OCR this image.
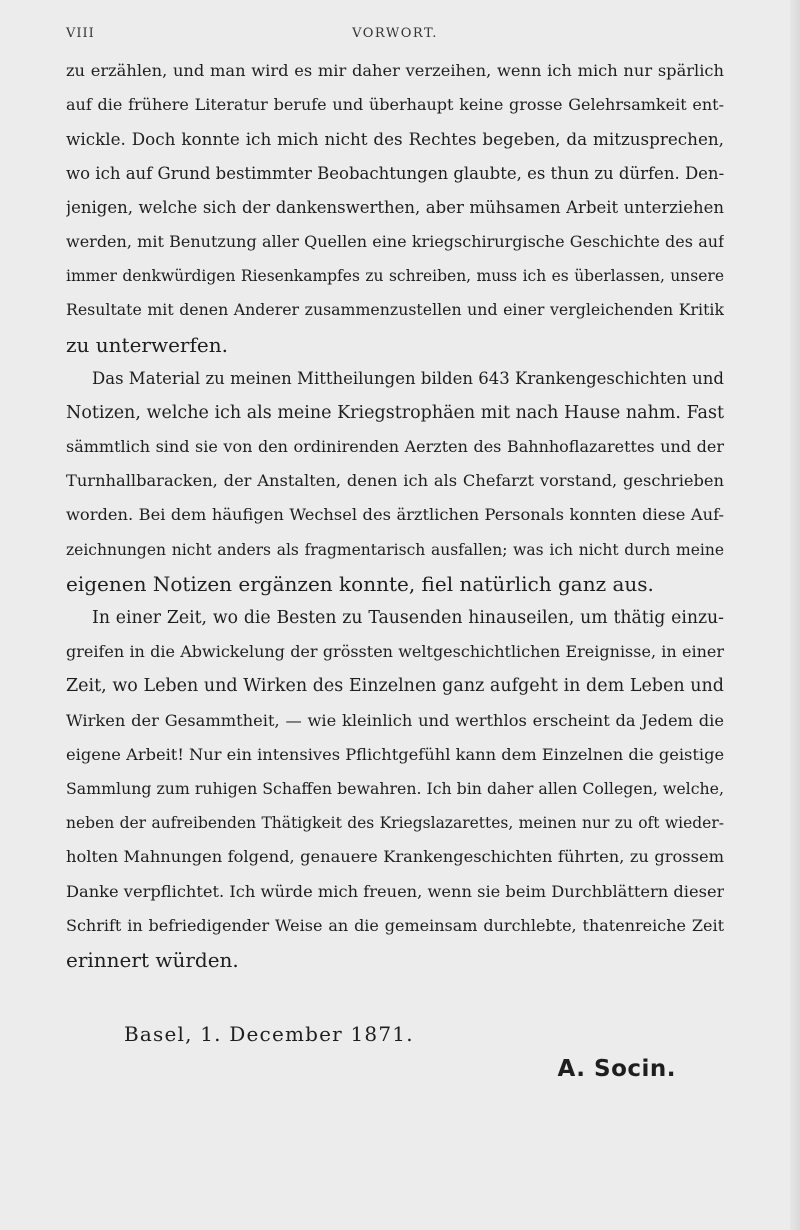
VIII	VORWORT.
zu erzählen, und man wird es mir daher verzeihen, wenn ich mich nur spärlich
auf die frühere Literatur berufe und überhaupt keine grosse Gelehrsamkeit ent-
wickle. Doch konnte ich mich nicht des Rechtes begeben, da mitzusprechen,
wo ich auf Grund bestimmter Beobachtungen glaubte, es thun zu dürfen. Den-
jenigen, welche sich der dankenswerthen, aber mühsamen Arbeit unterziehen
werden, mit Benutzung aller Quellen eine kriegschirurgische Geschichte des auf
immer denkwürdigen Riesenkampfes zu schreiben, muss ich es überlassen, unsere
Resultate mit denen Anderer zusammenzustellen und einer vergleichenden Kritik
zu unterwerfen.
Das Material zu meinen Mittheilungen bilden 643 Krankengeschichten und
Notizen, welche ich als meine Kriegstrophäen mit nach Hause nahm. Fast
sämmtlich sind sie von den ordinirenden Aerzten des Bahnhoflazarettes und der
Turnhallbaracken, der Anstalten, denen ich als Chefarzt vorstand, geschrieben
worden. Bei dem häufigen Wechsel des ärztlichen Personals konnten diese Auf-
zeichnungen nicht anders als fragmentarisch ausfallen; was ich nicht durch meine
eigenen Notizen ergänzen konnte, fiel natürlich ganz aus.
In einer Zeit, wo die Besten zu Tausenden hinauseilen, um thätig einzu-
greifen in die Abwickelung der grössten weltgeschichtlichen Ereignisse, in einer
Zeit, wo Leben und Wirken des Einzelnen ganz aufgeht in dem Leben und
Wirken der Gesammtheit, — wie kleinlich und werthlos erscheint da Jedem die
eigene Arbeit! Nur ein intensives Pflichtgefühl kann dem Einzelnen die geistige
Sammlung zum ruhigen Schaffen bewahren. Ich bin daher allen Collegen, welche,
neben der aufreibenden Thätigkeit des Kriegslazarettes, meinen nur zu oft wieder-
holten Mahnungen folgend, genauere Krankengeschichten führten, zu grossem
Danke verpflichtet. Ich würde mich freuen, wenn sie beim Durchblättern dieser
Schrift in befriedigender Weise an die gemeinsam durchlebte, thatenreiche Zeit
erinnert würden.
Basel, 1. December 1871.
A. Socin.
